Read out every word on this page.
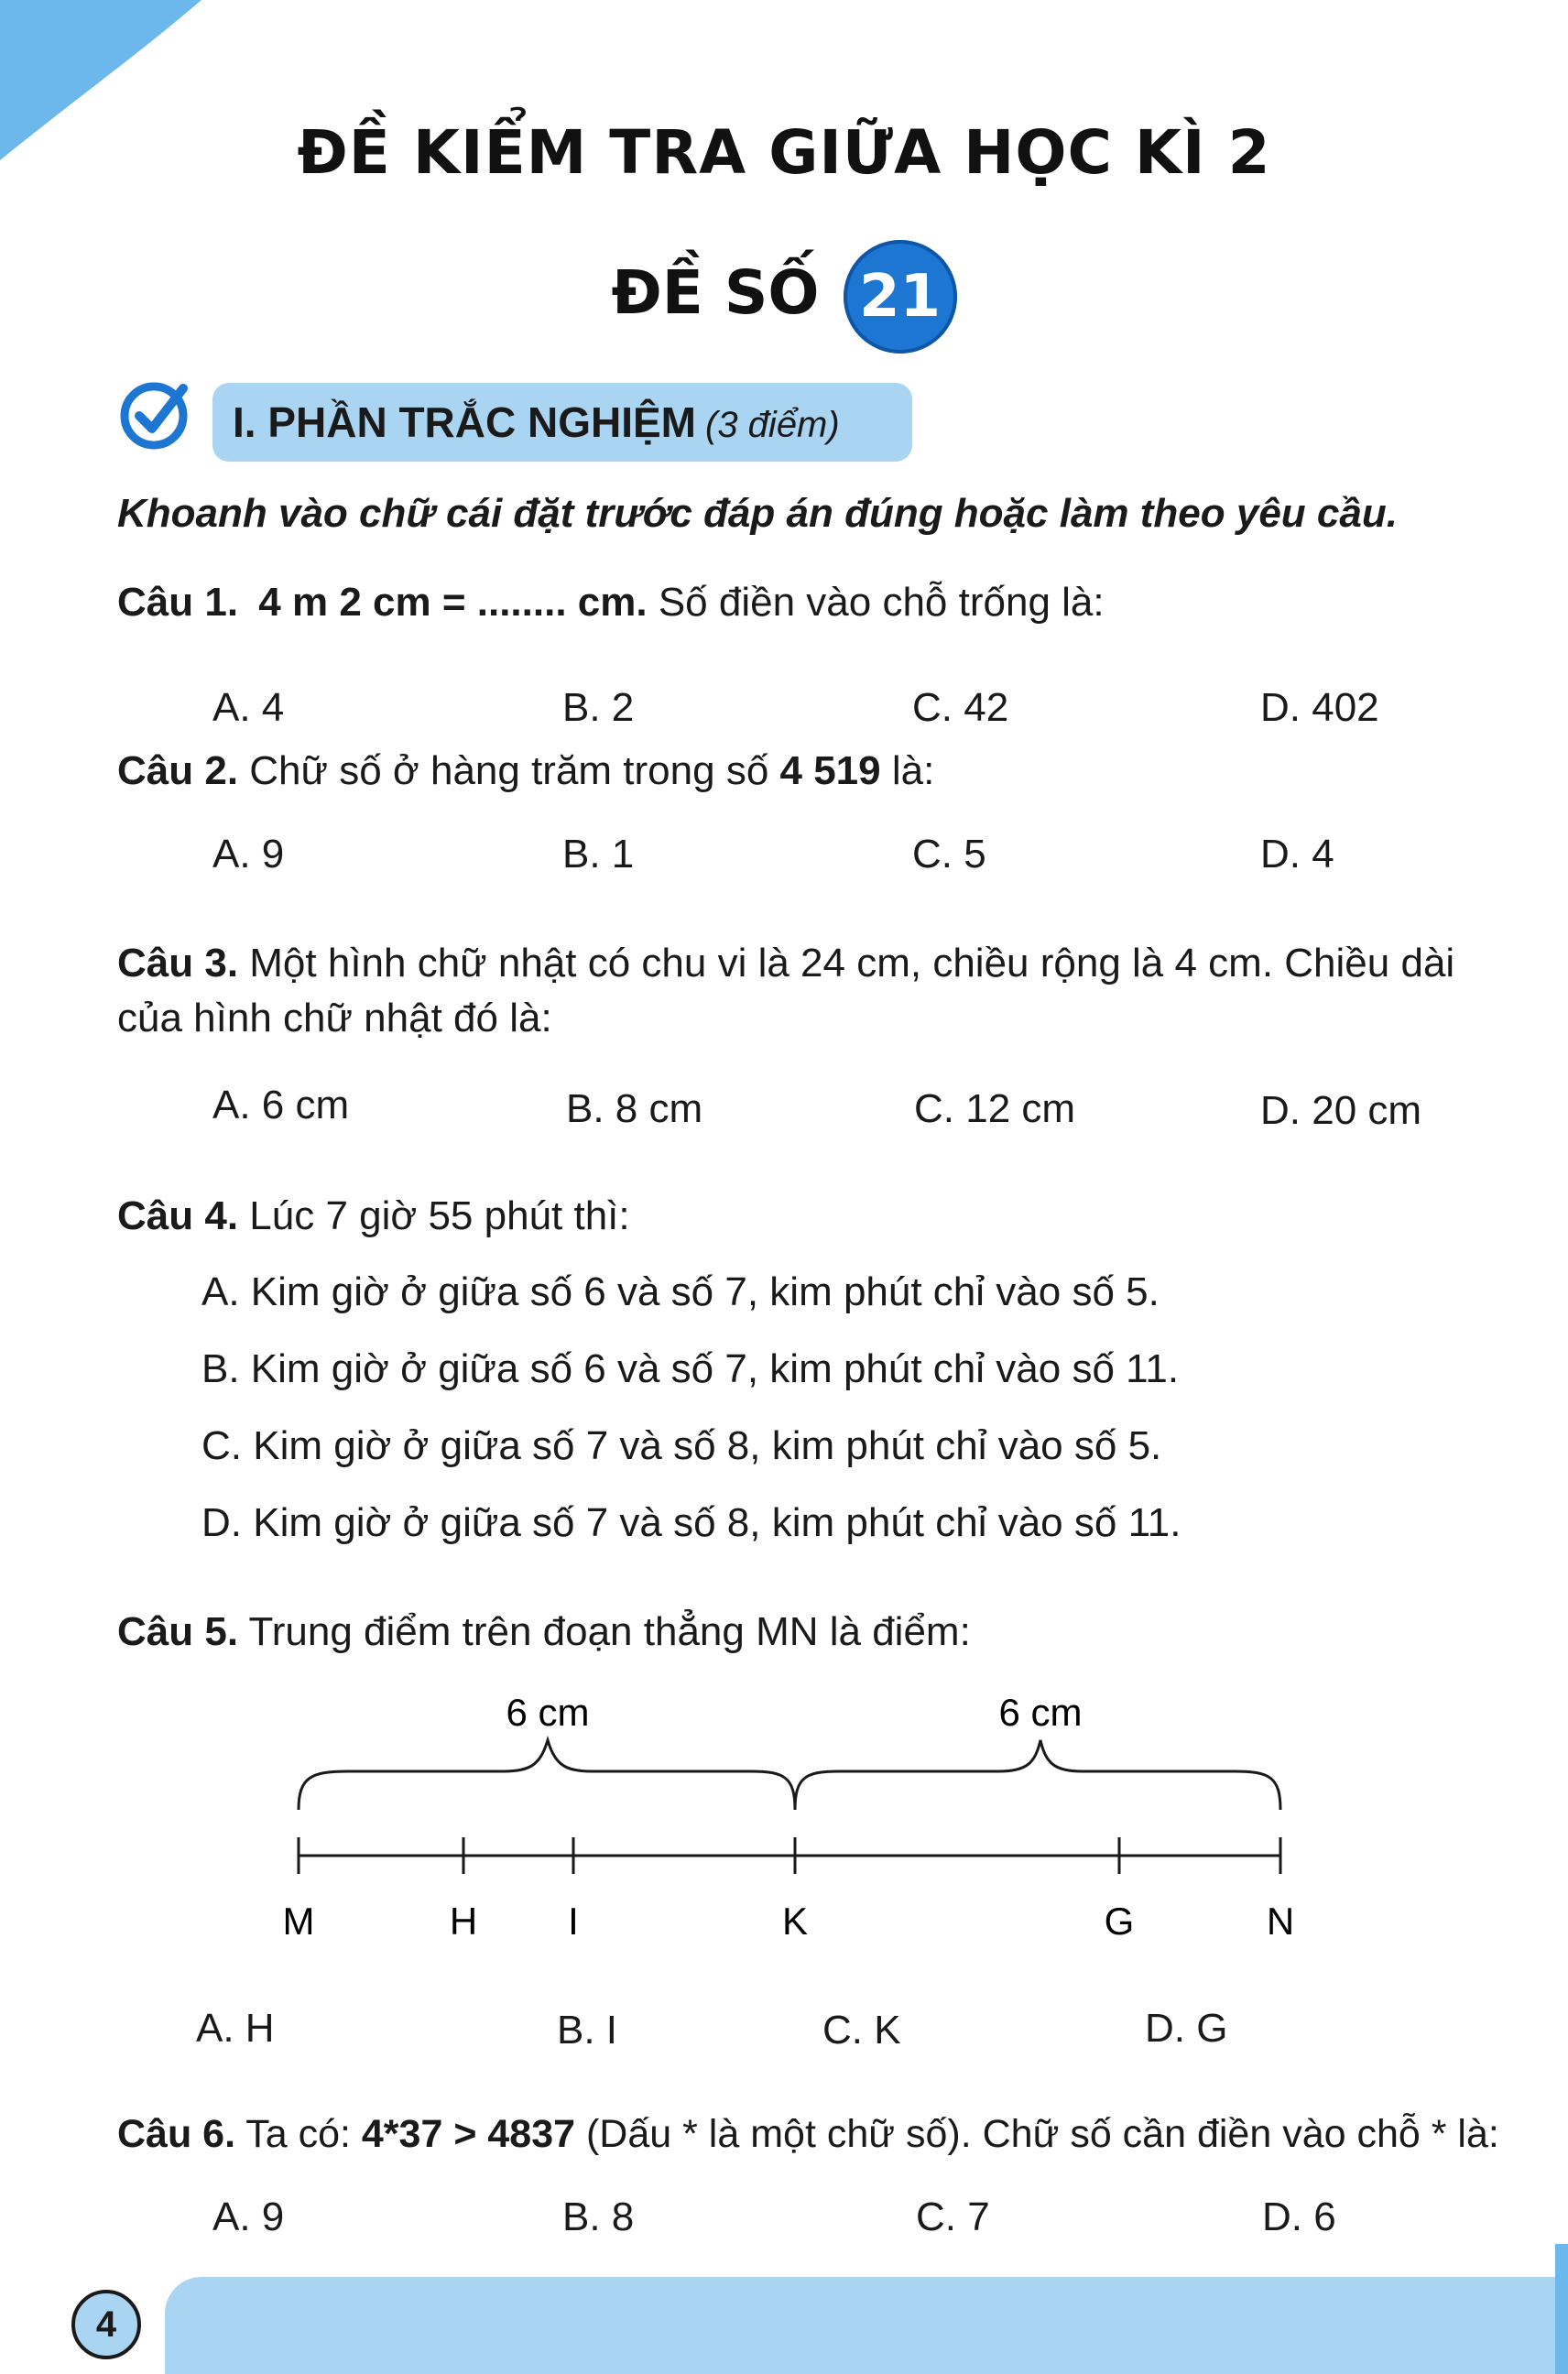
ĐỀ KIỂM TRA GIỮA HỌC KÌ 2
ĐỀ SỐ 21
I. PHẦN TRẮC NGHIỆM (3 điểm)
Khoanh vào chữ cái đặt trước đáp án đúng hoặc làm theo yêu cầu.
Câu 1. 4 m 2 cm = ........ cm. Số điền vào chỗ trống là:
A. 4	B. 2	C. 42	D. 402
Câu 2. Chữ số ở hàng trăm trong số 4 519 là:
A. 9	B. 1	C. 5	D. 4
Câu 3. Một hình chữ nhật có chu vi là 24 cm, chiều rộng là 4 cm. Chiều dài
của hình chữ nhật đó là:
A. 6 cm	B. 8 cm	C. 12 cm	D. 20 cm
Câu 4. Lúc 7 giờ 55 phút thì:
A. Kim giờ ở giữa số 6 và số 7, kim phút chỉ vào số 5.
B. Kim giờ ở giữa số 6 và số 7, kim phút chỉ vào số 11.
C. Kim giờ ở giữa số 7 và số 8, kim phút chỉ vào số 5.
D. Kim giờ ở giữa số 7 và số 8, kim phút chỉ vào số 11.
Câu 5. Trung điểm trên đoạn thẳng MN là điểm:
6 cm	6 cm
M	H I	K	G	N
A. H	B. I	C. K	D. G
Câu 6. Ta có: 4*37 > 4837 (Dấu * là một chữ số). Chữ số cần điền vào chỗ * là:
A. 9	B. 8	C. 7	D. 6
4
